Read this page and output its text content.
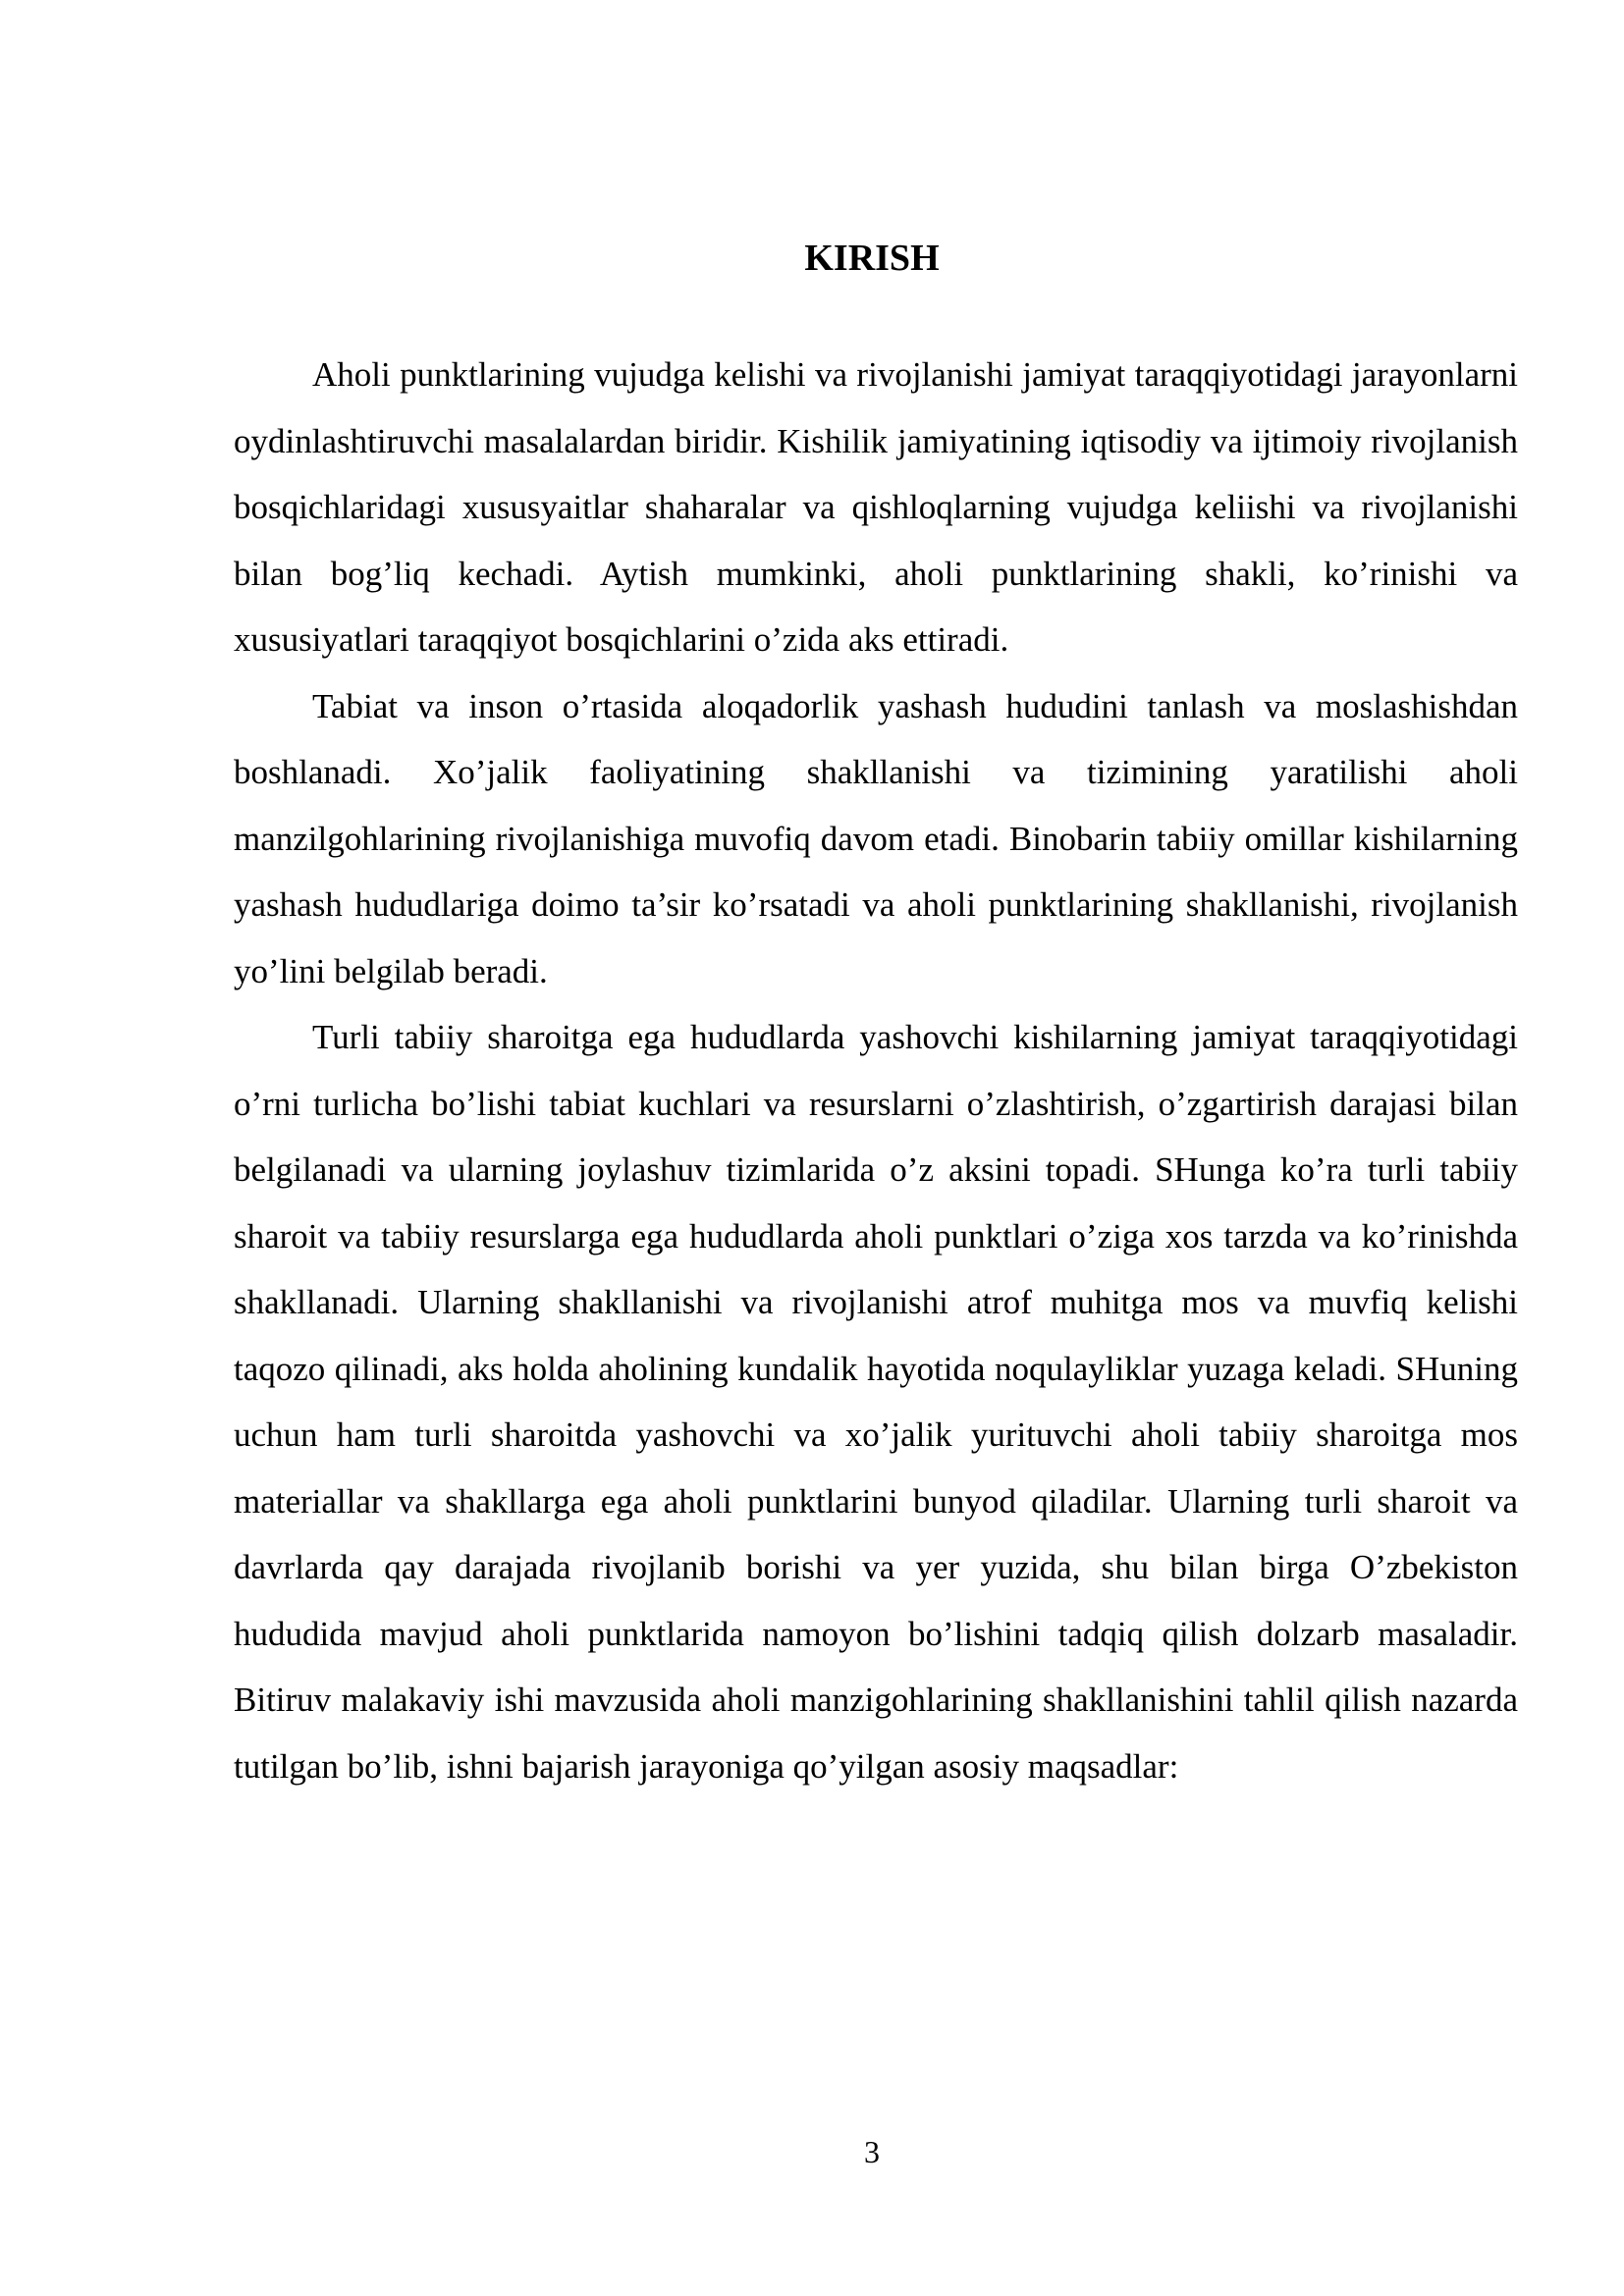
KIRISH

Aholi punktlarining vujudga kelishi va rivojlanishi jamiyat taraqqiyotidagi jarayonlarni oydinlashtiruvchi masalalardan biridir. Kishilik jamiyatining iqtisodiy va ijtimoiy rivojlanish bosqichlaridagi xususyaitlar shaharalar va qishloqlarning vujudga keliishi va rivojlanishi bilan bog’liq kechadi. Aytish mumkinki, aholi punktlarining shakli, ko’rinishi va xususiyatlari taraqqiyot bosqichlarini o’zida aks ettiradi.

Tabiat va inson o’rtasida aloqadorlik yashash hududini tanlash va moslashishdan boshlanadi. Xo’jalik faoliyatining shakllanishi va tizimining yaratilishi aholi manzilgohlarining rivojlanishiga muvofiq davom etadi. Binobarin tabiiy omillar kishilarning yashash hududlariga doimo ta’sir ko’rsatadi va aholi punktlarining shakllanishi, rivojlanish yo’lini belgilab beradi.

Turli tabiiy sharoitga ega hududlarda yashovchi kishilarning jamiyat taraqqiyotidagi o’rni turlicha bo’lishi tabiat kuchlari va resurslarni o’zlashtirish, o’zgartirish darajasi bilan belgilanadi va ularning joylashuv tizimlarida o’z aksini topadi. SHunga ko’ra turli tabiiy sharoit va tabiiy resurslarga ega hududlarda aholi punktlari o’ziga xos tarzda va ko’rinishda shakllanadi. Ularning shakllanishi va rivojlanishi atrof muhitga mos va muvfiq kelishi taqozo qilinadi, aks holda aholining kundalik hayotida noqulayliklar yuzaga keladi. SHuning uchun ham turli sharoitda yashovchi va xo’jalik yurituvchi aholi tabiiy sharoitga mos materiallar va shakllarga ega aholi punktlarini bunyod qiladilar. Ularning turli sharoit va davrlarda qay darajada rivojlanib borishi va yer yuzida, shu bilan birga O’zbekiston hududida mavjud aholi punktlarida namoyon bo’lishini tadqiq qilish dolzarb masaladir. Bitiruv malakaviy ishi mavzusida aholi manzigohlarining shakllanishini tahlil qilish nazarda tutilgan bo’lib, ishni bajarish jarayoniga qo’yilgan asosiy maqsadlar:

3
